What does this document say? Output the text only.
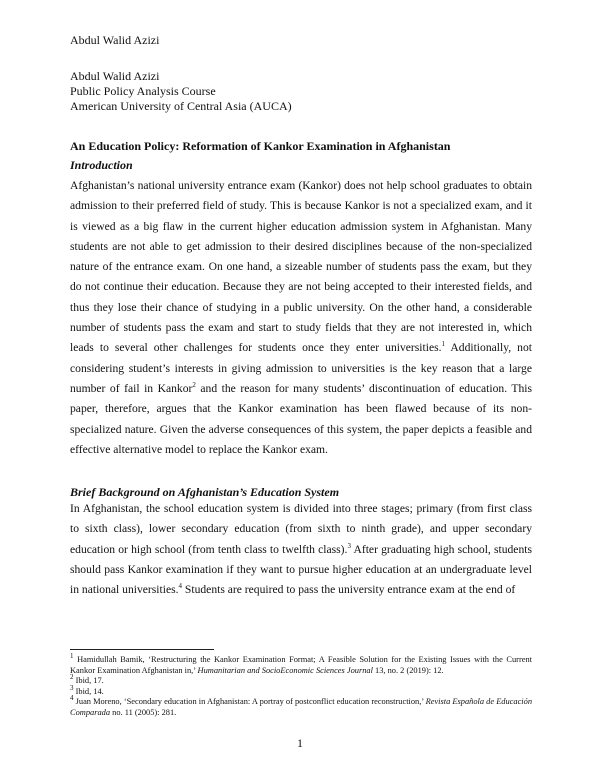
Abdul Walid Azizi
Abdul Walid Azizi
Public Policy Analysis Course
American University of Central Asia (AUCA)
An Education Policy: Reformation of Kankor Examination in Afghanistan
Introduction
Afghanistan’s national university entrance exam (Kankor) does not help school graduates to obtain admission to their preferred field of study. This is because Kankor is not a specialized exam, and it is viewed as a big flaw in the current higher education admission system in Afghanistan. Many students are not able to get admission to their desired disciplines because of the non-specialized nature of the entrance exam. On one hand, a sizeable number of students pass the exam, but they do not continue their education. Because they are not being accepted to their interested fields, and thus they lose their chance of studying in a public university. On the other hand, a considerable number of students pass the exam and start to study fields that they are not interested in, which leads to several other challenges for students once they enter universities.$^1$ Additionally, not considering student’s interests in giving admission to universities is the key reason that a large number of fail in Kankor$^2$ and the reason for many students’ discontinuation of education. This paper, therefore, argues that the Kankor examination has been flawed because of its non-specialized nature. Given the adverse consequences of this system, the paper depicts a feasible and effective alternative model to replace the Kankor exam.
Brief Background on Afghanistan’s Education System
In Afghanistan, the school education system is divided into three stages; primary (from first class to sixth class), lower secondary education (from sixth to ninth grade), and upper secondary education or high school (from tenth class to twelfth class).$^3$ After graduating high school, students should pass Kankor examination if they want to pursue higher education at an undergraduate level in national universities.$^4$ Students are required to pass the university entrance exam at the end of

$^1$ Hamidullah Bamik, ‘Restructuring the Kankor Examination Format; A Feasible Solution for the Existing Issues with the Current Kankor Examination Afghanistan in,’ Humanitarian and SocioEconomic Sciences Journal 13, no. 2 (2019): 12.

$^2$ Ibid, 17.

$^3$ Ibid, 14.

$^4$ Juan Moreno, ‘Secondary education in Afghanistan: A portray of postconflict education reconstruction,’ Revista Española de Educación Comparada no. 11 (2005): 281.

1
